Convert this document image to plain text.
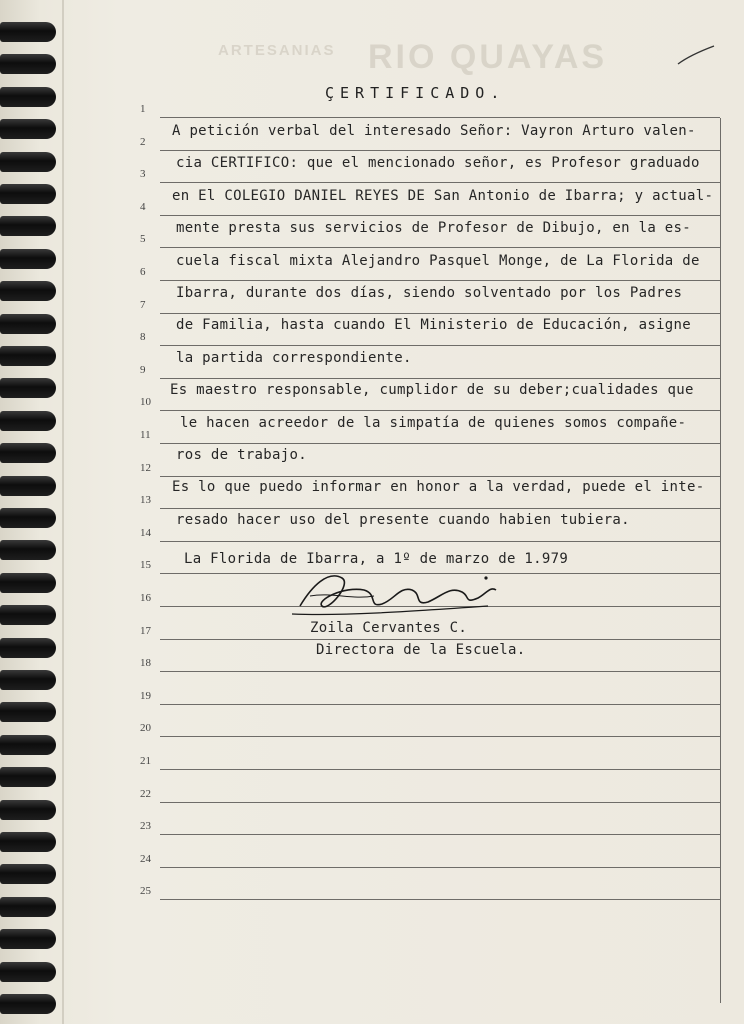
ARTESANIAS RIO QUAYAS
1
2
3
4
5
6
7
8
9
10
11
12
13
14
15
16
17
18
19
20
21
22
23
24
25
ÇERTIFICADO.
A petición verbal del interesado Señor: Vayron Arturo valen-
cia CERTIFICO: que el mencionado señor, es Profesor graduado
en El COLEGIO DANIEL REYES DE San Antonio de Ibarra; y actual-
mente presta sus servicios de Profesor de Dibujo, en la es-
cuela fiscal mixta Alejandro Pasquel Monge, de La Florida de
Ibarra, durante dos días, siendo solventado por los Padres
de Familia, hasta cuando El Ministerio de Educación, asigne
la partida correspondiente.
Es maestro responsable, cumplidor de su deber;cualidades que
le hacen acreedor de la simpatía de quienes somos compañe-
ros de trabajo.
Es lo que puedo informar en honor a la verdad, puede el inte-
resado hacer uso del presente cuando habien tubiera.
La Florida de Ibarra, a 1º de marzo de 1.979
Zoila Cervantes C.
Directora de la Escuela.
